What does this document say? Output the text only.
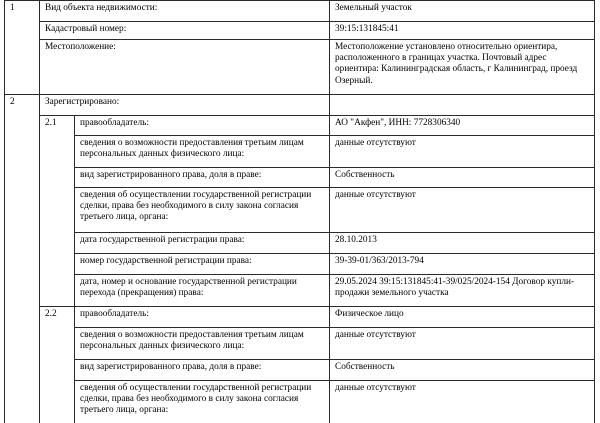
1	Вид объекта недвижимости:		Земельный участок
	Кадастровый номер:		39:15:131845:41
	Местоположение:		Местоположение установлено относительно ориентира, расположенного в границах участка. Почтовый адрес ориентира: Калининградская область, г Калининград, проезд Озерный.
2	Зарегистрировано:		
	2.1	правообладатель:	АО "Акфен", ИНН: 7728306340
		сведения о возможности предоставления третьим лицам персональных данных физического лица:	данные отсутствуют
		вид зарегистрированного права, доля в праве:	Собственность
		сведения об осуществлении государственной регистрации сделки, права без необходимого в силу закона согласия третьего лица, органа:	данные отсутствуют
		дата государственной регистрации права:	28.10.2013
		номер государственной регистрации права:	39-39-01/363/2013-794
		дата, номер и основание государственной регистрации перехода (прекращения) права:	29.05.2024 39:15:131845:41-39/025/2024-154 Договор купли-продажи земельного участка
	2.2	правообладатель:	Физическое лицо
		сведения о возможности предоставления третьим лицам персональных данных физического лица:	данные отсутствуют
		вид зарегистрированного права, доля в праве:	Собственность
		сведения об осуществлении государственной регистрации сделки, права без необходимого в силу закона согласия третьего лица, органа:	данные отсутствуют
